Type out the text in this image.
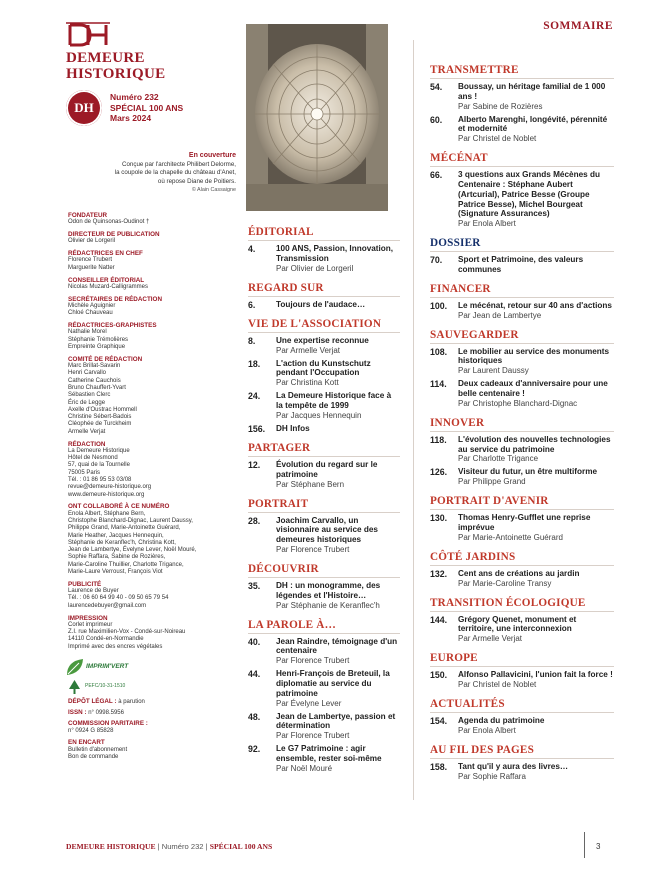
DEMEURE
HISTORIQUE
DH
Numéro 232
SPÉCIAL 100 ANS
Mars 2024
En couverture
Conçue par l'architecte Philibert Delorme,
la coupole de la chapelle du château d'Anet,
où repose Diane de Poitiers.
© Alain Cassaigne
FONDATEUR
Odon de Quinsonas-Oudinot †
DIRECTEUR DE PUBLICATION
Olivier de Lorgeril
RÉDACTRICES EN CHEF
Florence Trubert
Marguerite Natter
CONSEILLER ÉDITORIAL
Nicolas Muzard-Calligrammes
SECRÉTAIRES DE RÉDACTION
Michèle Aguignier
Chloé Chauveau
RÉDACTRICES-GRAPHISTES
Nathalie Morel
Stéphanie Trémolières
Empreinte Graphique
COMITÉ DE RÉDACTION
Marc Brillat-Savarin
Henri Carvallo
Catherine Cauchois
Bruno Chauffert-Yvart
Sébastien Clerc
Éric de Legge
Axelle d'Oustrac Hommell
Christine Sébert-Badois
Cléophée de Turckheim
Armelle Verjat
RÉDACTION
La Demeure Historique
Hôtel de Nesmond
57, quai de la Tournelle
75005 Paris
Tél. : 01 86 95 53 03/08
revue@demeure-historique.org
www.demeure-historique.org
ONT COLLABORÉ À CE NUMÉRO
Enola Albert, Stéphane Bern,
Christophe Blanchard-Dignac, Laurent Daussy,
Philippe Grand, Marie-Antoinette Guérard,
Marie Heather, Jacques Hennequin,
Stéphanie de Keranflec'h, Christina Kott,
Jean de Lambertye, Évelyne Lever, Noël Mouré,
Sophie Raffara, Sabine de Rozières,
Marie-Caroline Thuillier, Charlotte Trigance,
Marie-Laure Verroust, François Viot
PUBLICITÉ
Laurence de Buyer
Tél. : 06 60 64 99 40 - 09 50 65 79 54
laurencedebuyer@gmail.com
IMPRESSION
Corlet imprimeur
Z.I. rue Maximilien-Vox - Condé-sur-Noireau
14110 Condé-en-Normandie
Imprimé avec des encres végétales
IMPRIM'VERT
PEFC/10-31-1510
DÉPÔT LÉGAL : à parution
ISSN : n° 0998.5956
COMMISSION PARITAIRE :
n° 0924 G 85828
EN ENCART
Bulletin d'abonnement
Bon de commande
SOMMAIRE
ÉDITORIAL
4.	100 ANS, Passion, Innovation, Transmission
Par Olivier de Lorgeril
REGARD SUR
6.	Toujours de l'audace…
VIE DE L'ASSOCIATION
8.	Une expertise reconnue
Par Armelle Verjat
18.	L'action du Kunstschutz pendant l'Occupation
Par Christina Kott
24.	La Demeure Historique face à la tempête de 1999
Par Jacques Hennequin
156.	DH Infos
PARTAGER
12.	Évolution du regard sur le patrimoine
Par Stéphane Bern
PORTRAIT
28.	Joachim Carvallo, un visionnaire au service des demeures historiques
Par Florence Trubert
DÉCOUVRIR
35.	DH : un monogramme, des légendes et l'Histoire…
Par Stéphanie de Keranflec'h
LA PAROLE À…
40.	Jean Raindre, témoignage d'un centenaire
Par Florence Trubert
44.	Henri-François de Breteuil, la diplomatie au service du patrimoine
Par Évelyne Lever
48.	Jean de Lambertye, passion et détermination
Par Florence Trubert
92.	Le G7 Patrimoine : agir ensemble, rester soi-même
Par Noël Mouré
TRANSMETTRE
54.	Boussay, un héritage familial de 1 000 ans !
Par Sabine de Rozières
60.	Alberto Marenghi, longévité, pérennité et modernité
Par Christel de Noblet
MÉCÉNAT
66.	3 questions aux Grands Mécènes du Centenaire : Stéphane Aubert (Artcurial), Patrice Besse (Groupe Patrice Besse), Michel Bourgeat (Signature Assurances)
Par Enola Albert
DOSSIER
70.	Sport et Patrimoine, des valeurs communes
FINANCER
100.	Le mécénat, retour sur 40 ans d'actions
Par Jean de Lambertye
SAUVEGARDER
108.	Le mobilier au service des monuments historiques
Par Laurent Daussy
114.	Deux cadeaux d'anniversaire pour une belle centenaire !
Par Christophe Blanchard-Dignac
INNOVER
118.	L'évolution des nouvelles technologies au service du patrimoine
Par Charlotte Trigance
126.	Visiteur du futur, un être multiforme
Par Philippe Grand
PORTRAIT D'AVENIR
130.	Thomas Henry-Gufflet une reprise imprévue
Par Marie-Antoinette Guérard
CÔTÉ JARDINS
132.	Cent ans de créations au jardin
Par Marie-Caroline Transy
TRANSITION ÉCOLOGIQUE
144.	Grégory Quenet, monument et territoire, une interconnexion
Par Armelle Verjat
EUROPE
150.	Alfonso Pallavicini, l'union fait la force !
Par Christel de Noblet
ACTUALITÉS
154.	Agenda du patrimoine
Par Enola Albert
AU FIL DES PAGES
158.	Tant qu'il y aura des livres…
Par Sophie Raffara
DEMEURE HISTORIQUE | Numéro 232 | SPÉCIAL 100 ANS	3
